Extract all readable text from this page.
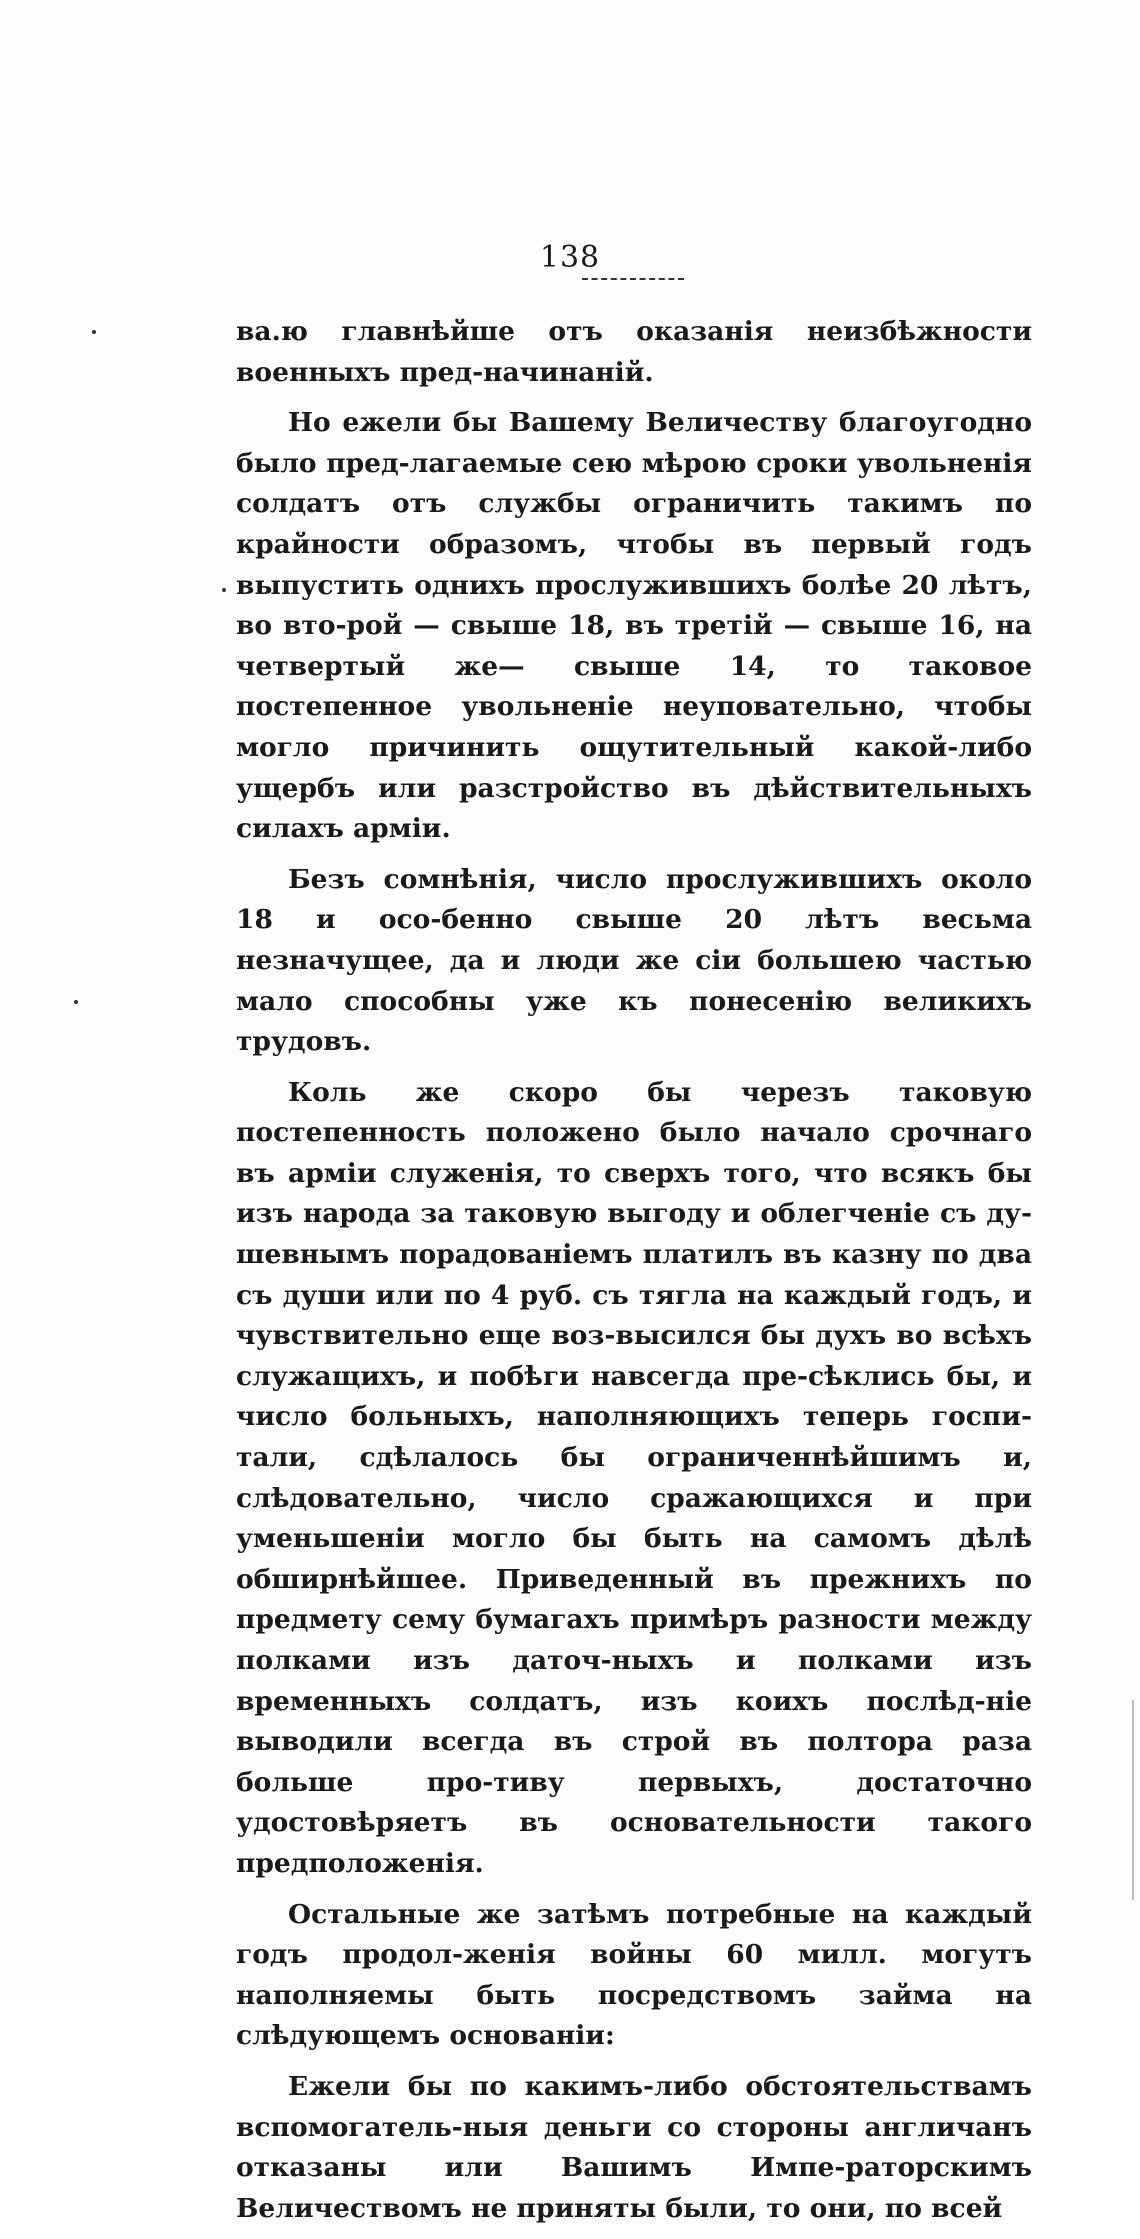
138

ва.ю главнѣйше отъ оказанія неизбѣжности военныхъ пред-начинаній.

Но ежели бы Вашему Величеству благоугодно было пред-лагаемые сею мѣрою сроки увольненія солдатъ отъ службы ограничить такимъ по крайности образомъ, чтобы въ первый годъ выпустить однихъ прослужившихъ болѣе 20 лѣтъ, во вто-рой — свыше 18, въ третій — свыше 16, на четвертый же— свыше 14, то таковое постепенное увольненіе неуповательно, чтобы могло причинить ощутительный какой-либо ущербъ или разстройство въ дѣйствительныхъ силахъ арміи.

Безъ сомнѣнія, число прослужившихъ около 18 и осо-бенно свыше 20 лѣтъ весьма незначущее, да и люди же сіи большею частью мало способны уже къ понесенію великихъ трудовъ.

Коль же скоро бы черезъ таковую постепенность положено было начало срочнаго въ арміи служенія, то сверхъ того, что всякъ бы изъ народа за таковую выгоду и облегченіе съ ду-шевнымъ порадованіемъ платилъ въ казну по два съ души или по 4 руб. съ тягла на каждый годъ, и чувствительно еще воз-высился бы духъ во всѣхъ служащихъ, и побѣги навсегда пре-сѣклись бы, и число больныхъ, наполняющихъ теперь госпи-тали, сдѣлалось бы ограниченнѣйшимъ и, слѣдовательно, число сражающихся и при уменьшеніи могло бы быть на самомъ дѣлѣ обширнѣйшее. Приведенный въ прежнихъ по предмету сему бумагахъ примѣръ разности между полками изъ даточ-ныхъ и полками изъ временныхъ солдатъ, изъ коихъ послѣд-ніе выводили всегда въ строй въ полтора раза больше про-тиву первыхъ, достаточно удостовѣряетъ въ основательности такого предположенія.

Остальные же затѣмъ потребные на каждый годъ продол-женія войны 60 милл. могутъ наполняемы быть посредствомъ займа на слѣдующемъ основаніи:

Ежели бы по какимъ-либо обстоятельствамъ вспомогатель-ныя деньги со стороны англичанъ отказаны или Вашимъ Импе-раторскимъ Величествомъ не приняты были, то они, по всей
